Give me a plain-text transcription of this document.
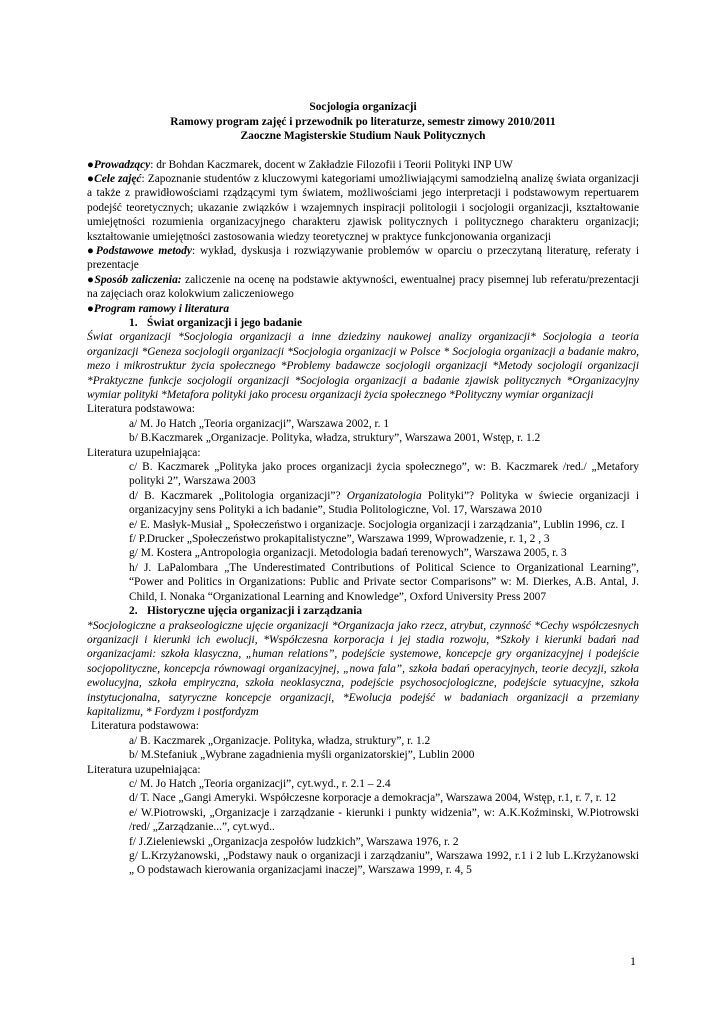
Socjologia organizacji
Ramowy program zajęć i przewodnik po literaturze, semestr zimowy 2010/2011
Zaoczne Magisterskie Studium Nauk Politycznych

●Prowadzący: dr Bohdan Kaczmarek, docent w Zakładzie Filozofii i Teorii Polityki INP UW

●Cele zajęć: Zapoznanie studentów z kluczowymi kategoriami umożliwiającymi samodzielną analizę świata organizacji a także z prawidłowościami rządzącymi tym światem, możliwościami jego interpretacji i podstawowym repertuarem podejść teoretycznych; ukazanie związków i wzajemnych inspiracji politologii i socjologii organizacji, kształtowanie umiejętności rozumienia organizacyjnego charakteru zjawisk politycznych i politycznego charakteru organizacji; kształtowanie umiejętności zastosowania wiedzy teoretycznej w praktyce funkcjonowania organizacji

●Podstawowe metody: wykład, dyskusja i rozwiązywanie problemów w oparciu o przeczytaną literaturę, referaty i prezentacje

●Sposób zaliczenia: zaliczenie na ocenę na podstawie aktywności, ewentualnej pracy pisemnej lub referatu/prezentacji na zajęciach oraz kolokwium zaliczeniowego

●Program ramowy i literatura

1. Świat organizacji i jego badanie

Świat organizacji *Socjologia organizacji a inne dziedziny naukowej analizy organizacji* Socjologia a teoria organizacji *Geneza socjologii organizacji *Socjologia organizacji w Polsce * Socjologia organizacji a badanie makro, mezo i mikrostruktur życia społecznego *Problemy badawcze socjologii organizacji *Metody socjologii organizacji *Praktyczne funkcje socjologii organizacji *Socjologia organizacji a badanie zjawisk politycznych *Organizacyjny wymiar polityki *Metafora polityki jako procesu organizacji życia społecznego *Polityczny wymiar organizacji

Literatura podstawowa:

a/ M. Jo Hatch „Teoria organizacji”, Warszawa 2002, r. 1

b/ B.Kaczmarek „Organizacje. Polityka, władza, struktury”, Warszawa 2001, Wstęp, r. 1.2

Literatura uzupełniająca:

c/ B. Kaczmarek „Polityka jako proces organizacji życia społecznego”, w: B. Kaczmarek /red./ „Metafory polityki 2”, Warszawa 2003

d/ B. Kaczmarek „Politologia organizacji”? Organizatologia Polityki”? Polityka w świecie organizacji i organizacyjny sens Polityki a ich badanie”, Studia Politologiczne, Vol. 17, Warszawa 2010

e/ E. Masłyk-Musiał „ Społeczeństwo i organizacje. Socjologia organizacji i zarządzania”, Lublin 1996, cz. I

f/ P.Drucker „Społeczeństwo prokapitalistyczne”, Warszawa 1999, Wprowadzenie, r. 1, 2 , 3

g/ M. Kostera „Antropologia organizacji. Metodologia badań terenowych”, Warszawa 2005, r. 3

h/ J. LaPalombara „The Underestimated Contributions of Political Science to Organizational Learning”, “Power and Politics in Organizations: Public and Private sector Comparisons” w: M. Dierkes, A.B. Antal, J. Child, I. Nonaka “Organizational Learning and Knowledge”, Oxford University Press 2007

2. Historyczne ujęcia organizacji i zarządzania

*Socjologiczne a prakseologiczne ujęcie organizacji *Organizacja jako rzecz, atrybut, czynność *Cechy współczesnych organizacji i kierunki ich ewolucji, *Współczesna korporacja i jej stadia rozwoju, *Szkoły i kierunki badań nad organizacjami: szkoła klasyczna, „human relations”, podejście systemowe, koncepcje gry organizacyjnej i podejście socjopolityczne, koncepcja równowagi organizacyjnej, „nowa fala”, szkoła badań operacyjnych, teorie decyzji, szkoła ewolucyjna, szkoła empiryczna, szkoła neoklasyczna, podejście psychosocjologiczne, podejście sytuacyjne, szkoła instytucjonalna, satyryczne koncepcje organizacji, *Ewolucja podejść w badaniach organizacji a przemiany kapitalizmu, * Fordyzm i postfordyzm

Literatura podstawowa:

a/ B. Kaczmarek „Organizacje. Polityka, władza, struktury”, r. 1.2

b/ M.Stefaniuk „Wybrane zagadnienia myśli organizatorskiej”, Lublin 2000

Literatura uzupełniająca:

c/ M. Jo Hatch „Teoria organizacji”, cyt.wyd., r. 2.1 – 2.4

d/ T. Nace „Gangi Ameryki. Współczesne korporacje a demokracja”, Warszawa 2004, Wstęp, r.1, r. 7, r. 12

e/ W.Piotrowski, „Organizacje i zarządzanie - kierunki i punkty widzenia”, w: A.K.Koźminski, W.Piotrowski /red/ „Zarządzanie...”, cyt.wyd..

f/ J.Zieleniewski „Organizacja zespołów ludzkich”, Warszawa 1976, r. 2

g/ L.Krzyżanowski, „Podstawy nauk o organizacji i zarządzaniu”, Warszawa 1992, r.1 i 2 lub L.Krzyżanowski „ O podstawach kierowania organizacjami inaczej”, Warszawa 1999, r. 4, 5

1
